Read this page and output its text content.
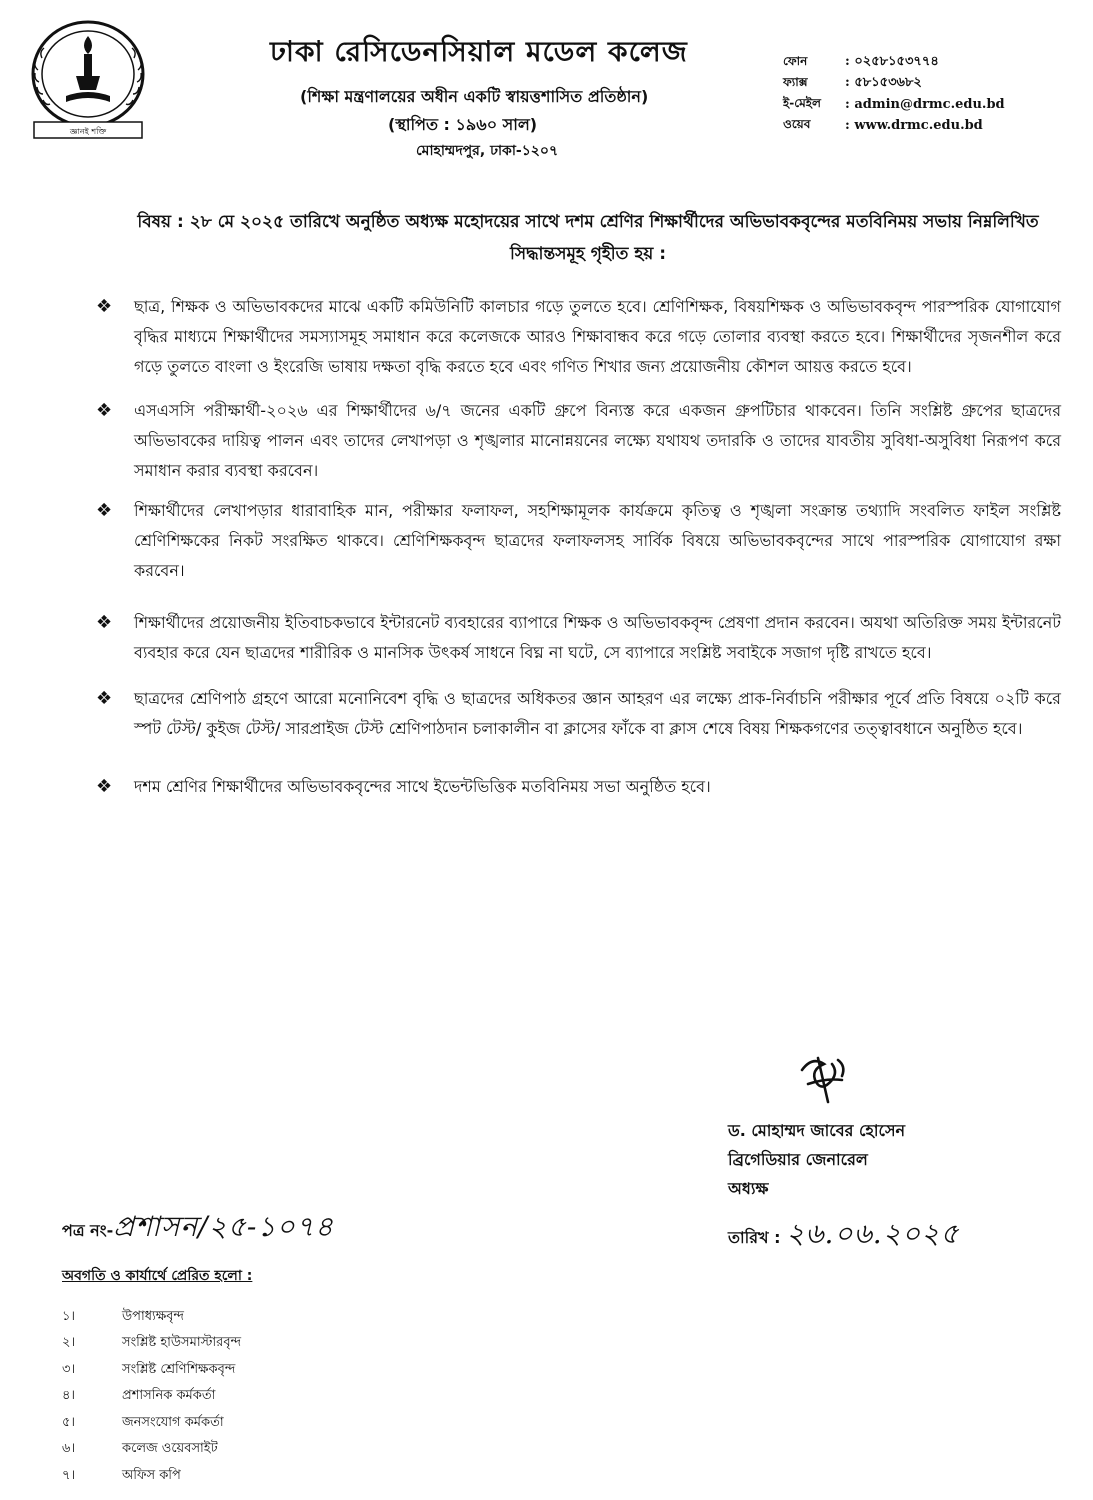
জ্ঞানই শক্তি
ঢাকা রেসিডেনসিয়াল মডেল কলেজ
(শিক্ষা মন্ত্রণালয়ের অধীন একটি স্বায়ত্তশাসিত প্রতিষ্ঠান)
(স্থাপিত : ১৯৬০ সাল)
মোহাম্মদপুর, ঢাকা-১২০৭
ফোন	: ০২৫৮১৫৩৭৭৪
ফ্যাক্স	: ৫৮১৫৩৬৮২
ই-মেইল	: admin@drmc.edu.bd
ওয়েব	: www.drmc.edu.bd
বিষয় : ২৮ মে ২০২৫ তারিখে অনুষ্ঠিত অধ্যক্ষ মহোদয়ের সাথে দশম শ্রেণির শিক্ষার্থীদের অভিভাবকবৃন্দের মতবিনিময় সভায় নিম্নলিখিত সিদ্ধান্তসমূহ গৃহীত হয় :
❖ ছাত্র, শিক্ষক ও অভিভাবকদের মাঝে একটি কমিউনিটি কালচার গড়ে তুলতে হবে। শ্রেণিশিক্ষক, বিষয়শিক্ষক ও অভিভাবকবৃন্দ পারস্পরিক যোগাযোগ বৃদ্ধির মাধ্যমে শিক্ষার্থীদের সমস্যাসমূহ সমাধান করে কলেজকে আরও শিক্ষাবান্ধব করে গড়ে তোলার ব্যবস্থা করতে হবে। শিক্ষার্থীদের সৃজনশীল করে গড়ে তুলতে বাংলা ও ইংরেজি ভাষায় দক্ষতা বৃদ্ধি করতে হবে এবং গণিত শিখার জন্য প্রয়োজনীয় কৌশল আয়ত্ত করতে হবে।
❖ এসএসসি পরীক্ষার্থী-২০২৬ এর শিক্ষার্থীদের ৬/৭ জনের একটি গ্রুপে বিন্যস্ত করে একজন গ্রুপটিচার থাকবেন। তিনি সংশ্লিষ্ট গ্রুপের ছাত্রদের অভিভাবকের দায়িত্ব পালন এবং তাদের লেখাপড়া ও শৃঙ্খলার মানোন্নয়নের লক্ষ্যে যথাযথ তদারকি ও তাদের যাবতীয় সুবিধা-অসুবিধা নিরূপণ করে সমাধান করার ব্যবস্থা করবেন।
❖ শিক্ষার্থীদের লেখাপড়ার ধারাবাহিক মান, পরীক্ষার ফলাফল, সহশিক্ষামূলক কার্যক্রমে কৃতিত্ব ও শৃঙ্খলা সংক্রান্ত তথ্যাদি সংবলিত ফাইল সংশ্লিষ্ট শ্রেণিশিক্ষকের নিকট সংরক্ষিত থাকবে। শ্রেণিশিক্ষকবৃন্দ ছাত্রদের ফলাফলসহ সার্বিক বিষয়ে অভিভাবকবৃন্দের সাথে পারস্পরিক যোগাযোগ রক্ষা করবেন।
❖ শিক্ষার্থীদের প্রয়োজনীয় ইতিবাচকভাবে ইন্টারনেট ব্যবহারের ব্যাপারে শিক্ষক ও অভিভাবকবৃন্দ প্রেষণা প্রদান করবেন। অযথা অতিরিক্ত সময় ইন্টারনেট ব্যবহার করে যেন ছাত্রদের শারীরিক ও মানসিক উৎকর্ষ সাধনে বিঘ্ন না ঘটে, সে ব্যাপারে সংশ্লিষ্ট সবাইকে সজাগ দৃষ্টি রাখতে হবে।
❖ ছাত্রদের শ্রেণিপাঠ গ্রহণে আরো মনোনিবেশ বৃদ্ধি ও ছাত্রদের অধিকতর জ্ঞান আহরণ এর লক্ষ্যে প্রাক-নির্বাচনি পরীক্ষার পূর্বে প্রতি বিষয়ে ০২টি করে স্পট টেস্ট/ কুইজ টেস্ট/ সারপ্রাইজ টেস্ট শ্রেণিপাঠদান চলাকালীন বা ক্লাসের ফাঁকে বা ক্লাস শেষে বিষয় শিক্ষকগণের তত্ত্বাবধানে অনুষ্ঠিত হবে।
❖ দশম শ্রেণির শিক্ষার্থীদের অভিভাবকবৃন্দের সাথে ইভেন্টভিত্তিক মতবিনিময় সভা অনুষ্ঠিত হবে।
ড. মোহাম্মদ জাবের হোসেন
ব্রিগেডিয়ার জেনারেল
অধ্যক্ষ
পত্র নং-প্রশাসন/২৫-১০৭৪	তারিখ : ২৬.০৬.২০২৫
অবগতি ও কার্যার্থে প্রেরিত হলো :
১।	উপাধ্যক্ষবৃন্দ
২।	সংশ্লিষ্ট হাউসমাস্টারবৃন্দ
৩।	সংশ্লিষ্ট শ্রেণিশিক্ষকবৃন্দ
৪।	প্রশাসনিক কর্মকর্তা
৫।	জনসংযোগ কর্মকর্তা
৬।	কলেজ ওয়েবসাইট
৭।	অফিস কপি
